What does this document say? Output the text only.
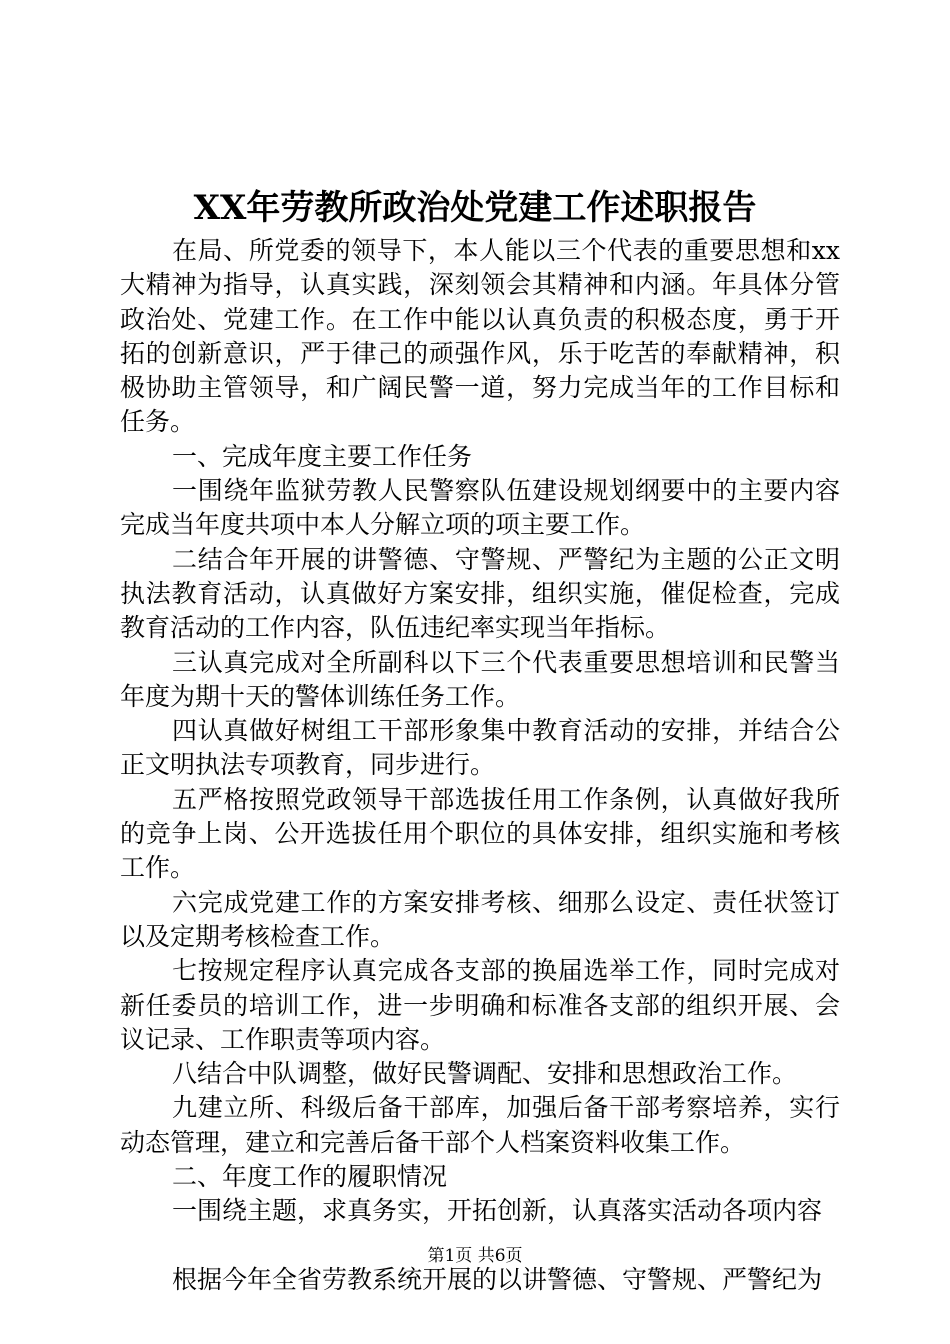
XX年劳教所政治处党建工作述职报告

在局、所党委的领导下，本人能以三个代表的重要思想和xx大精神为指导，认真实践，深刻领会其精神和内涵。年具体分管政治处、党建工作。在工作中能以认真负责的积极态度，勇于开拓的创新意识，严于律己的顽强作风，乐于吃苦的奉献精神，积极协助主管领导，和广阔民警一道，努力完成当年的工作目标和任务。

一、完成年度主要工作任务

一围绕年监狱劳教人民警察队伍建设规划纲要中的主要内容完成当年度共项中本人分解立项的项主要工作。

二结合年开展的讲警德、守警规、严警纪为主题的公正文明执法教育活动，认真做好方案安排，组织实施，催促检查，完成教育活动的工作内容，队伍违纪率实现当年指标。

三认真完成对全所副科以下三个代表重要思想培训和民警当年度为期十天的警体训练任务工作。

四认真做好树组工干部形象集中教育活动的安排，并结合公正文明执法专项教育，同步进行。

五严格按照党政领导干部选拔任用工作条例，认真做好我所的竞争上岗、公开选拔任用个职位的具体安排，组织实施和考核工作。

六完成党建工作的方案安排考核、细那么设定、责任状签订以及定期考核检查工作。

七按规定程序认真完成各支部的换届选举工作，同时完成对新任委员的培训工作，进一步明确和标准各支部的组织开展、会议记录、工作职责等项内容。

八结合中队调整，做好民警调配、安排和思想政治工作。

九建立所、科级后备干部库，加强后备干部考察培养，实行动态管理，建立和完善后备干部个人档案资料收集工作。

二、年度工作的履职情况

一围绕主题，求真务实，开拓创新，认真落实活动各项内容

根据今年全省劳教系统开展的以讲警德、守警规、严警纪为

第1页 共6页
